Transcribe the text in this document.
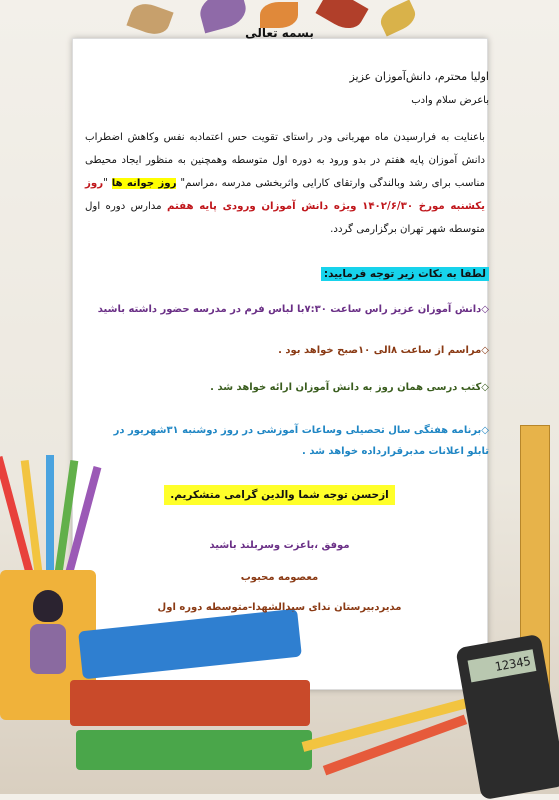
12345
بسمه تعالی
اولیا محترم، دانش‌آموزان عزیز
باعرض سلام وادب
باعنایت به فرارسیدن ماه مهربانی ودر راستای تقویت حس اعتمادبه نفس وکاهش اضطراب دانش آموزان پایه هفتم در بدو ورود به دوره اول متوسطه وهمچنین به منظور ایجاد محیطی مناسب برای رشد وبالندگی وارتقای کارایی واثربخشی مدرسه ،مراسم" روز جوانه ها "روز یکشنبه مورخ ۱۴۰۲/۶/۳۰ ویژه دانش آموزان ورودی پایه هفتم مدارس دوره اول متوسطه شهر تهران برگزارمی گردد.
لطفا به نکات زیر توجه فرمایید:
◇دانش آموزان عزیز راس ساعت ۷:۳۰با لباس فرم در مدرسه حضور داشته باشید
◇مراسم از ساعت ۸الی ۱۰صبح خواهد بود .
◇کتب درسی همان روز به دانش آموزان ارائه خواهد شد .
◇برنامه هفتگی سال تحصیلی وساعات آموزشی در روز دوشنبه ۳۱شهریور در تابلو اعلانات مدبرقرارداده خواهد شد .
ازحسن توجه شما والدین گرامی متشکریم.
موفق ،باعزت وسربلند باشید
معصومه محبوب
مدیردبیرستان ندای سیدالشهدا-متوسطه دوره اول
